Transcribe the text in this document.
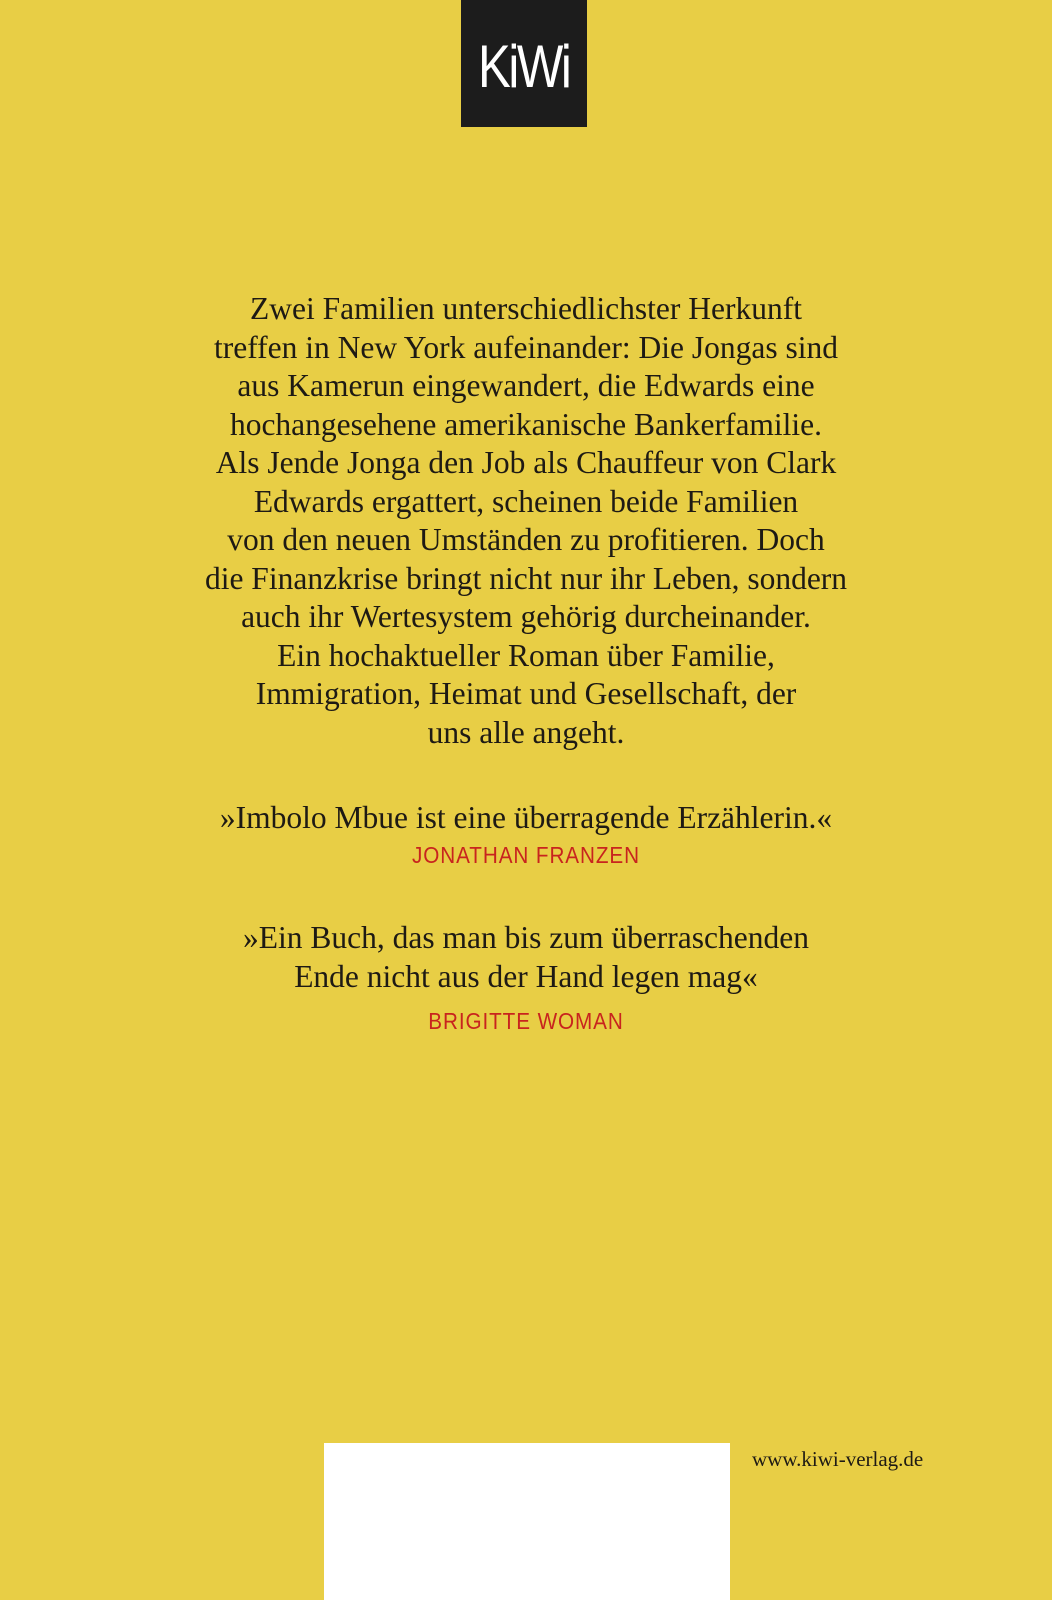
KiWi
Zwei Familien unterschiedlichster Herkunft
treffen in New York aufeinander: Die Jongas sind
aus Kamerun eingewandert, die Edwards eine
hochangesehene amerikanische Bankerfamilie.
Als Jende Jonga den Job als Chauffeur von Clark
Edwards ergattert, scheinen beide Familien
von den neuen Umständen zu profitieren. Doch
die Finanzkrise bringt nicht nur ihr Leben, sondern
auch ihr Wertesystem gehörig durcheinander.
Ein hochaktueller Roman über Familie,
Immigration, Heimat und Gesellschaft, der
uns alle angeht.
»Imbolo Mbue ist eine überragende Erzählerin.«
JONATHAN FRANZEN
»Ein Buch, das man bis zum überraschenden
Ende nicht aus der Hand legen mag«
BRIGITTE WOMAN
www.kiwi-verlag.de
